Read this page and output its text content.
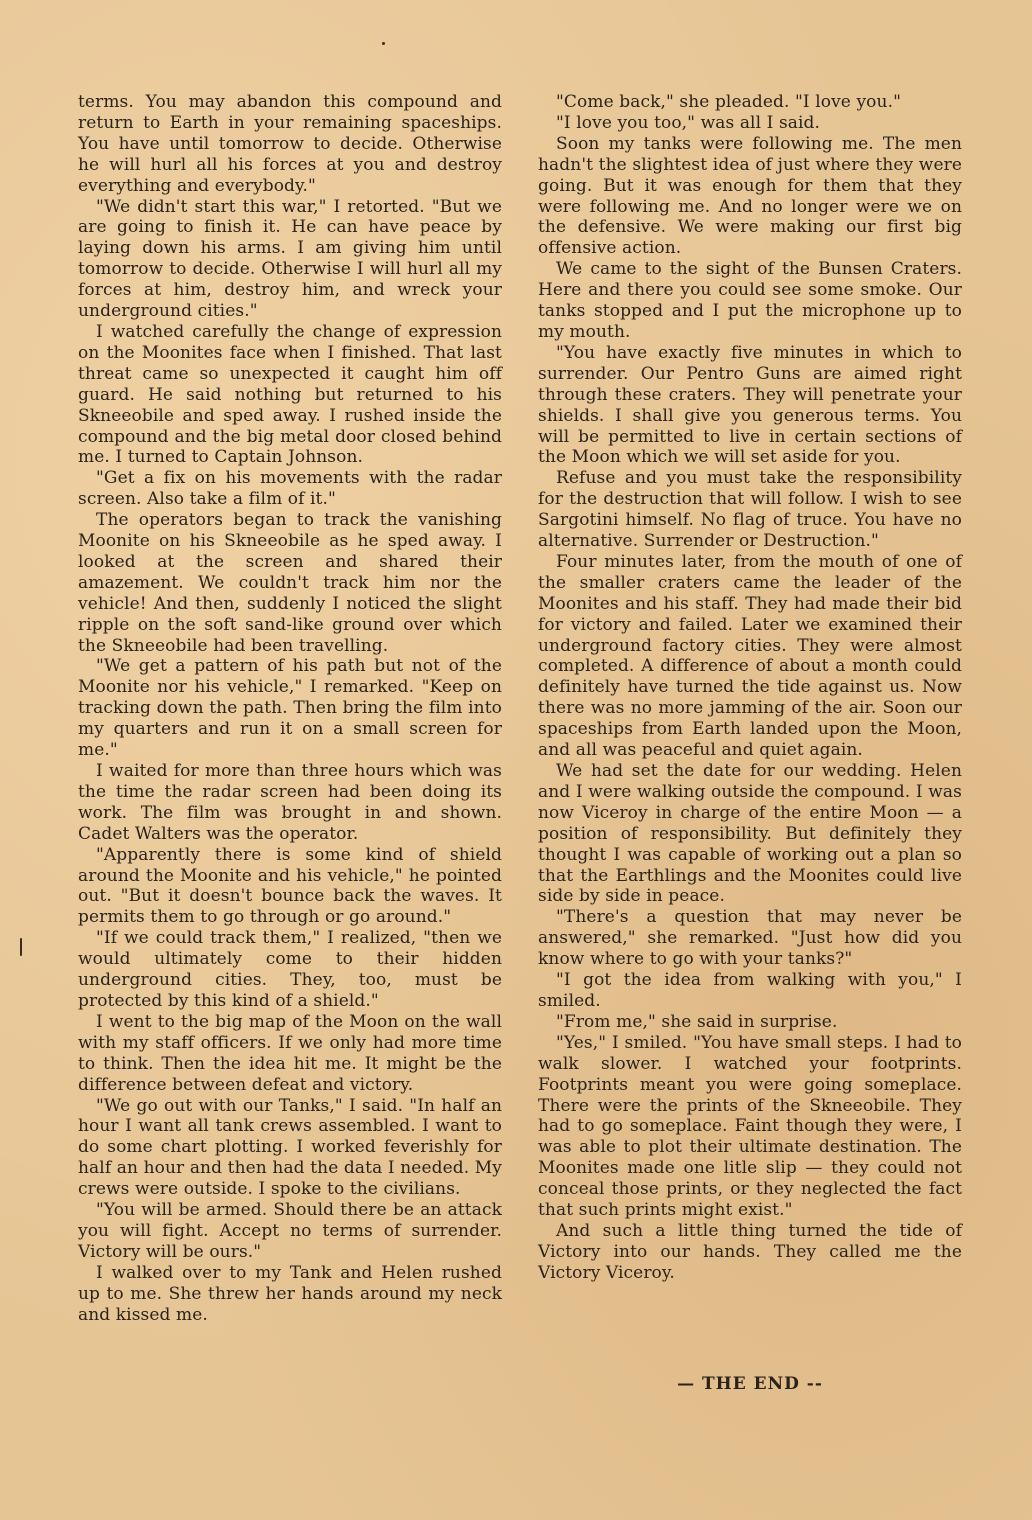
terms. You may abandon this compound and return to Earth in your remaining spaceships. You have until tomorrow to decide. Otherwise he will hurl all his forces at you and destroy everything and everybody."

"We didn't start this war," I retorted. "But we are going to finish it. He can have peace by laying down his arms. I am giving him until tomorrow to decide. Otherwise I will hurl all my forces at him, destroy him, and wreck your underground cities."

I watched carefully the change of expression on the Moonites face when I finished. That last threat came so unexpected it caught him off guard. He said nothing but returned to his Skneeobile and sped away. I rushed inside the compound and the big metal door closed behind me. I turned to Captain Johnson.

"Get a fix on his movements with the radar screen. Also take a film of it."

The operators began to track the vanishing Moonite on his Skneeobile as he sped away. I looked at the screen and shared their amazement. We couldn't track him nor the vehicle! And then, suddenly I noticed the slight ripple on the soft sand-like ground over which the Skneeobile had been travelling.

"We get a pattern of his path but not of the Moonite nor his vehicle," I remarked. "Keep on tracking down the path. Then bring the film into my quarters and run it on a small screen for me."

I waited for more than three hours which was the time the radar screen had been doing its work. The film was brought in and shown. Cadet Walters was the operator.

"Apparently there is some kind of shield around the Moonite and his vehicle," he pointed out. "But it doesn't bounce back the waves. It permits them to go through or go around."

"If we could track them," I realized, "then we would ultimately come to their hidden underground cities. They, too, must be protected by this kind of a shield."

I went to the big map of the Moon on the wall with my staff officers. If we only had more time to think. Then the idea hit me. It might be the difference between defeat and victory.

"We go out with our Tanks," I said. "In half an hour I want all tank crews assembled. I want to do some chart plotting. I worked feverishly for half an hour and then had the data I needed. My crews were outside. I spoke to the civilians.

"You will be armed. Should there be an attack you will fight. Accept no terms of surrender. Victory will be ours."

I walked over to my Tank and Helen rushed up to me. She threw her hands around my neck and kissed me.

"Come back," she pleaded. "I love you."

"I love you too," was all I said.

Soon my tanks were following me. The men hadn't the slightest idea of just where they were going. But it was enough for them that they were following me. And no longer were we on the defensive. We were making our first big offensive action.

We came to the sight of the Bunsen Craters. Here and there you could see some smoke. Our tanks stopped and I put the microphone up to my mouth.

"You have exactly five minutes in which to surrender. Our Pentro Guns are aimed right through these craters. They will penetrate your shields. I shall give you generous terms. You will be permitted to live in certain sections of the Moon which we will set aside for you.

Refuse and you must take the responsibility for the destruction that will follow. I wish to see Sargotini himself. No flag of truce. You have no alternative. Surrender or Destruction."

Four minutes later, from the mouth of one of the smaller craters came the leader of the Moonites and his staff. They had made their bid for victory and failed. Later we examined their underground factory cities. They were almost completed. A difference of about a month could definitely have turned the tide against us. Now there was no more jamming of the air. Soon our spaceships from Earth landed upon the Moon, and all was peaceful and quiet again.

We had set the date for our wedding. Helen and I were walking outside the compound. I was now Viceroy in charge of the entire Moon — a position of responsibility. But definitely they thought I was capable of working out a plan so that the Earthlings and the Moonites could live side by side in peace.

"There's a question that may never be answered," she remarked. "Just how did you know where to go with your tanks?"

"I got the idea from walking with you," I smiled.

"From me," she said in surprise.

"Yes," I smiled. "You have small steps. I had to walk slower. I watched your footprints. Footprints meant you were going someplace. There were the prints of the Skneeobile. They had to go someplace. Faint though they were, I was able to plot their ultimate destination. The Moonites made one litle slip — they could not conceal those prints, or they neglected the fact that such prints might exist."

And such a little thing turned the tide of Victory into our hands. They called me the Victory Viceroy.

— THE END --
